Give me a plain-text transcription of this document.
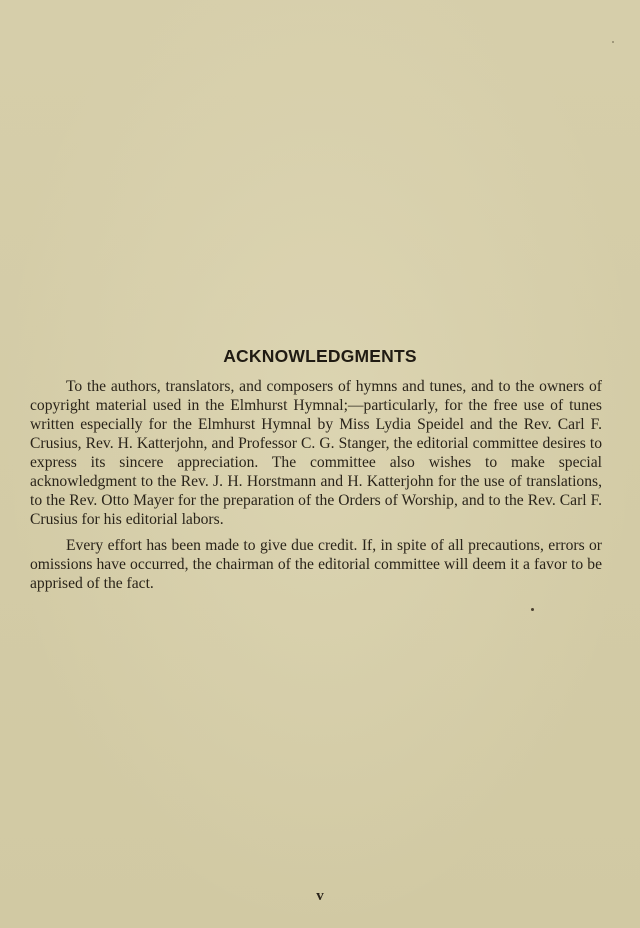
ACKNOWLEDGMENTS

To the authors, translators, and composers of hymns and tunes, and to the owners of copyright material used in the Elmhurst Hymnal;—particularly, for the free use of tunes written especially for the Elmhurst Hymnal by Miss Lydia Speidel and the Rev. Carl F. Crusius, Rev. H. Katterjohn, and Professor C. G. Stanger, the editorial committee desires to express its sincere appreciation. The committee also wishes to make special acknowledgment to the Rev. J. H. Horstmann and H. Katterjohn for the use of translations, to the Rev. Otto Mayer for the preparation of the Orders of Worship, and to the Rev. Carl F. Crusius for his editorial labors.

Every effort has been made to give due credit. If, in spite of all precautions, errors or omissions have occurred, the chairman of the editorial committee will deem it a favor to be apprised of the fact.

v
